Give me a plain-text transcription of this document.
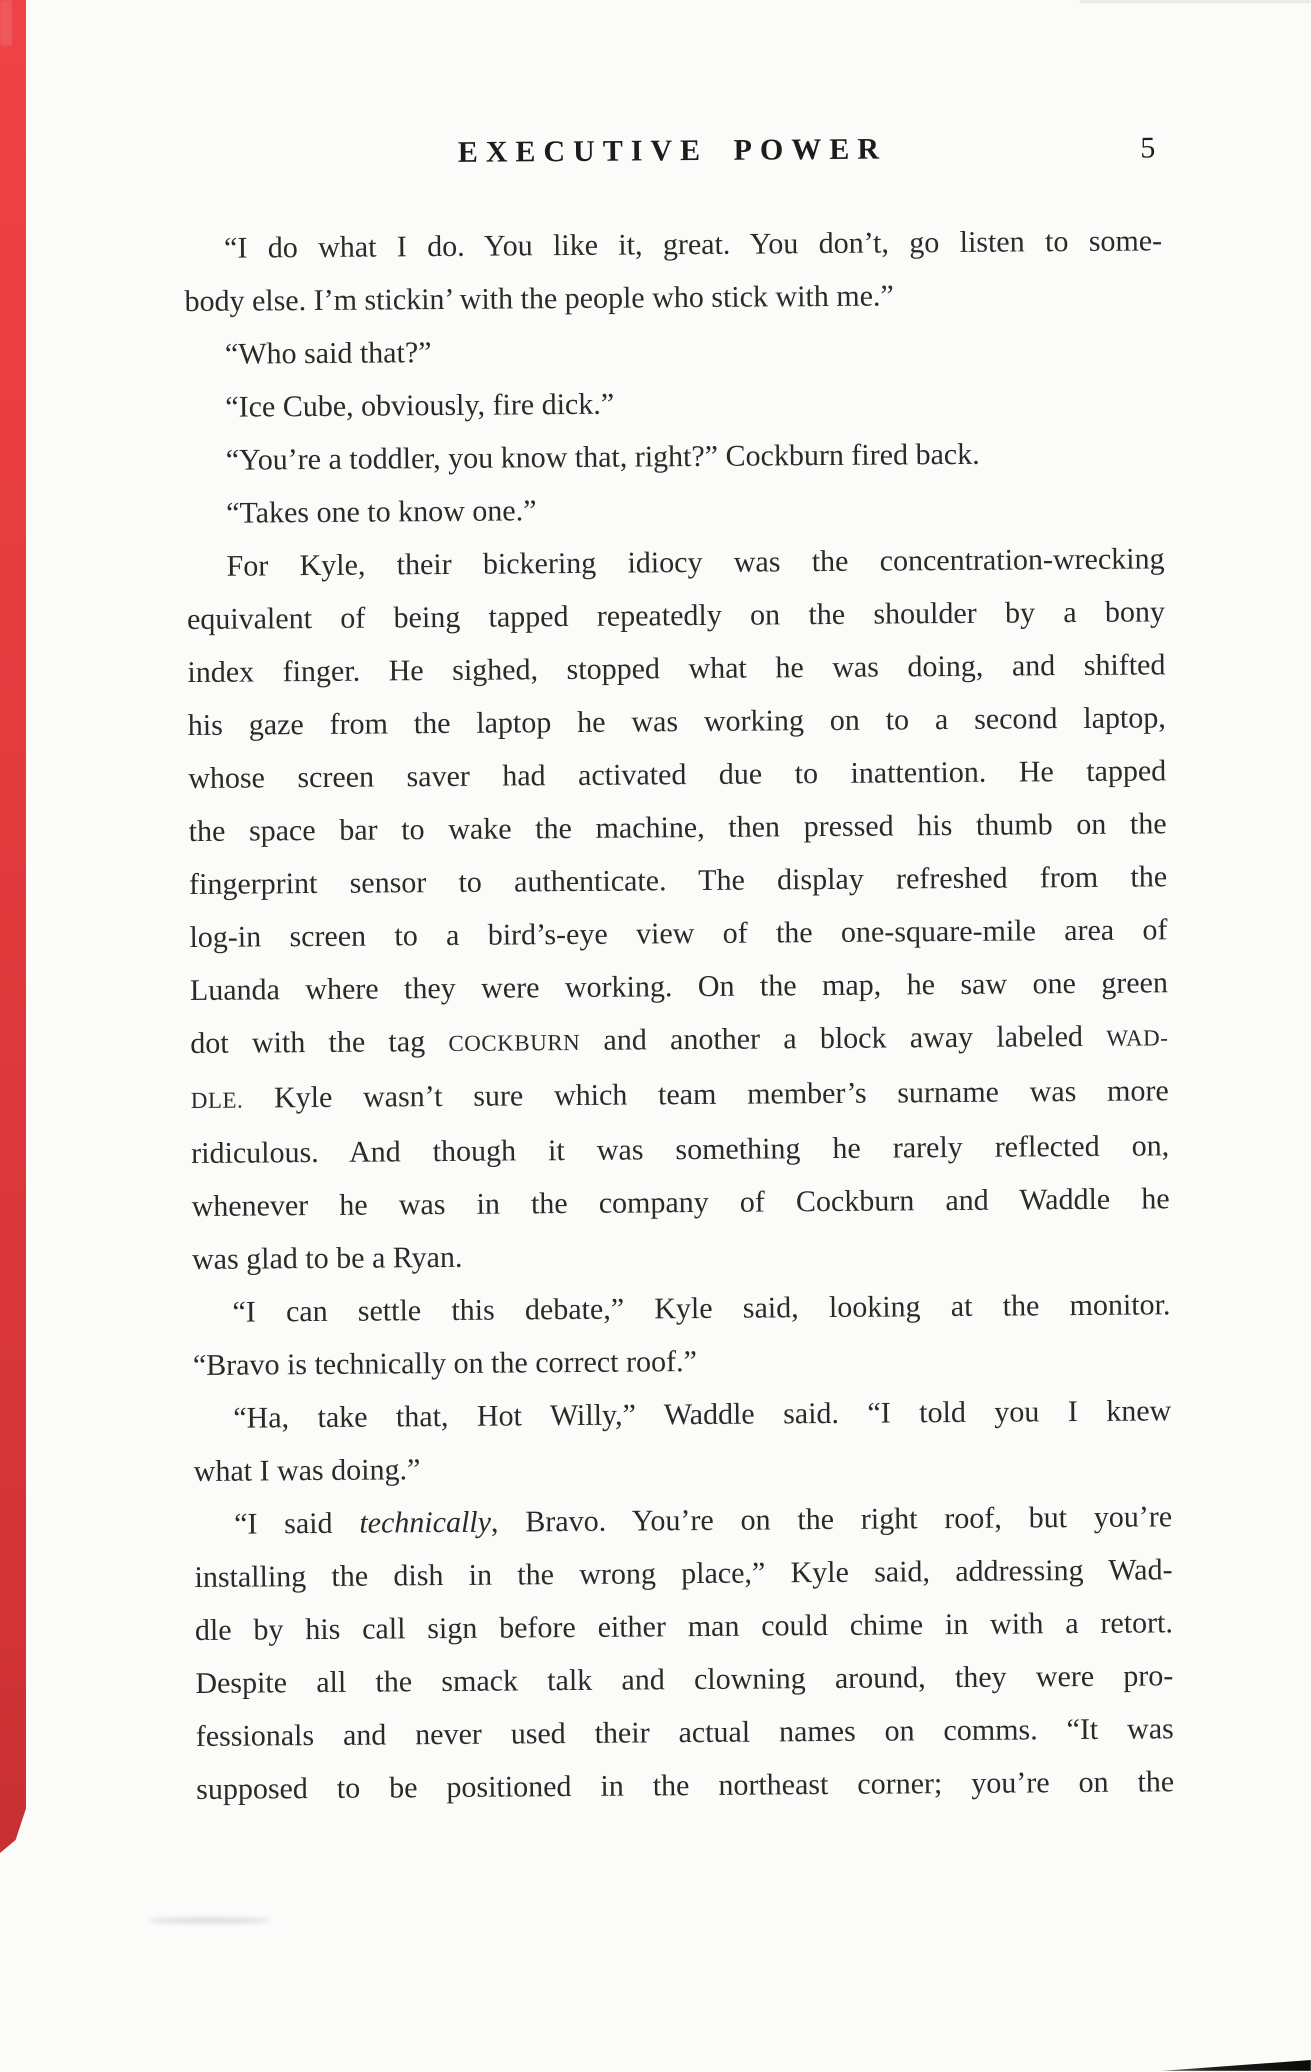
EXECUTIVE POWER	5
“I do what I do. You like it, great. You don’t, go listen to some-
body else. I’m stickin’ with the people who stick with me.”
“Who said that?”
“Ice Cube, obviously, fire dick.”
“You’re a toddler, you know that, right?” Cockburn fired back.
“Takes one to know one.”
For Kyle, their bickering idiocy was the concentration-wrecking
equivalent of being tapped repeatedly on the shoulder by a bony
index finger. He sighed, stopped what he was doing, and shifted
his gaze from the laptop he was working on to a second laptop,
whose screen saver had activated due to inattention. He tapped
the space bar to wake the machine, then pressed his thumb on the
fingerprint sensor to authenticate. The display refreshed from the
log-in screen to a bird’s-eye view of the one-square-mile area of
Luanda where they were working. On the map, he saw one green
dot with the tag COCKBURN and another a block away labeled WAD-
DLE. Kyle wasn’t sure which team member’s surname was more
ridiculous. And though it was something he rarely reflected on,
whenever he was in the company of Cockburn and Waddle he
was glad to be a Ryan.
“I can settle this debate,” Kyle said, looking at the monitor.
“Bravo is technically on the correct roof.”
“Ha, take that, Hot Willy,” Waddle said. “I told you I knew
what I was doing.”
“I said technically, Bravo. You’re on the right roof, but you’re
installing the dish in the wrong place,” Kyle said, addressing Wad-
dle by his call sign before either man could chime in with a retort.
Despite all the smack talk and clowning around, they were pro-
fessionals and never used their actual names on comms. “It was
supposed to be positioned in the northeast corner; you’re on the
